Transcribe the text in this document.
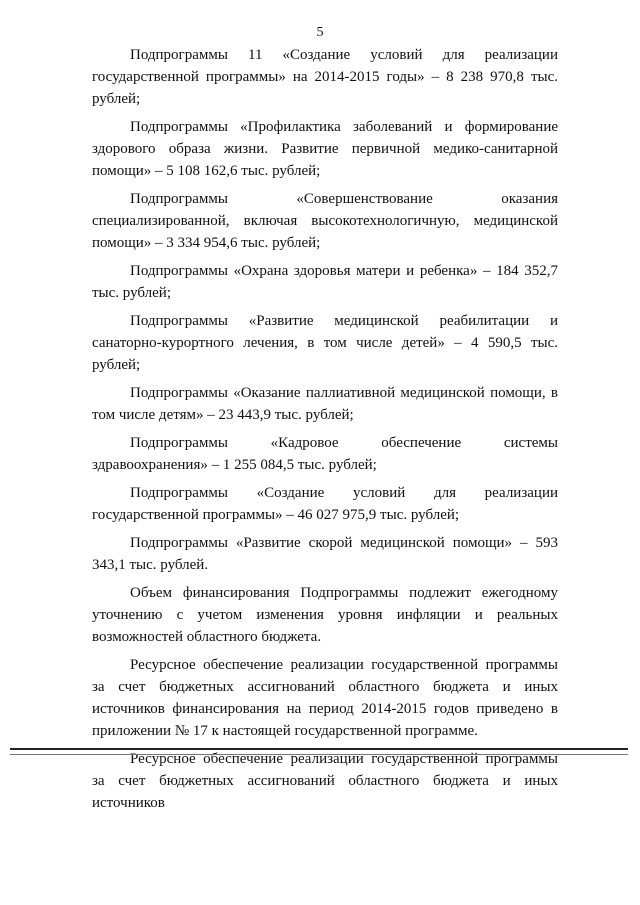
5

Подпрограммы 11 «Создание условий для реализации государственной программы» на 2014-2015 годы» – 8 238 970,8 тыс. рублей;

Подпрограммы «Профилактика заболеваний и формирование здорового образа жизни. Развитие первичной медико-санитарной помощи» – 5 108 162,6 тыс. рублей;

Подпрограммы «Совершенствование оказания специализированной, включая высокотехнологичную, медицинской помощи» – 3 334 954,6 тыс. рублей;

Подпрограммы «Охрана здоровья матери и ребенка» – 184 352,7 тыс. рублей;

Подпрограммы «Развитие медицинской реабилитации и санаторно-курортного лечения, в том числе детей» – 4 590,5 тыс. рублей;

Подпрограммы «Оказание паллиативной медицинской помощи, в том числе детям» – 23 443,9 тыс. рублей;

Подпрограммы «Кадровое обеспечение системы здравоохранения» – 1 255 084,5 тыс. рублей;

Подпрограммы «Создание условий для реализации государственной программы» – 46 027 975,9 тыс. рублей;

Подпрограммы «Развитие скорой медицинской помощи» – 593 343,1 тыс. рублей.

Объем финансирования Подпрограммы подлежит ежегодному уточнению с учетом изменения уровня инфляции и реальных возможностей областного бюджета.

Ресурсное обеспечение реализации государственной программы за счет бюджетных ассигнований областного бюджета и иных источников финансирования на период 2014-2015 годов приведено в приложении № 17 к настоящей государственной программе.

Ресурсное обеспечение реализации государственной программы за счет бюджетных ассигнований областного бюджета и иных источников
